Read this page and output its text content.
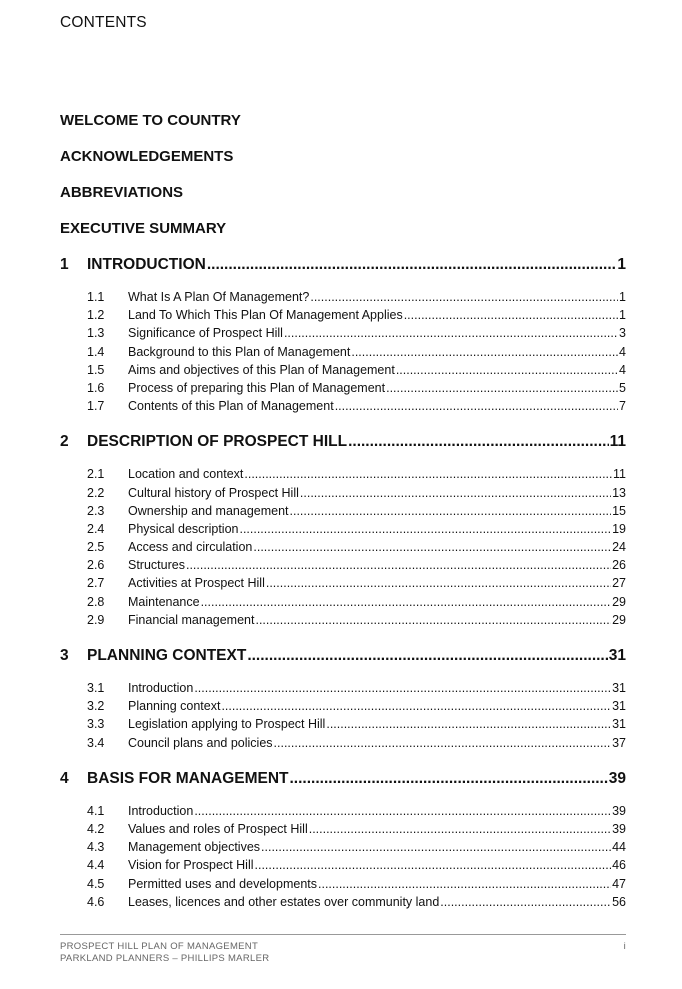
CONTENTS
WELCOME TO COUNTRY
ACKNOWLEDGEMENTS
ABBREVIATIONS
EXECUTIVE SUMMARY
1	INTRODUCTION .....	1
1.1	What Is A Plan Of Management? .....	1
1.2	Land To Which This Plan Of Management Applies .....	1
1.3	Significance of Prospect Hill .....	3
1.4	Background to this Plan of Management .....	4
1.5	Aims and objectives of this Plan of Management .....	4
1.6	Process of preparing this Plan of Management .....	5
1.7	Contents of this Plan of Management .....	7
2	DESCRIPTION OF PROSPECT HILL .....	11
2.1	Location and context .....	11
2.2	Cultural history of Prospect Hill .....	13
2.3	Ownership and management .....	15
2.4	Physical description .....	19
2.5	Access and circulation .....	24
2.6	Structures .....	26
2.7	Activities at Prospect Hill .....	27
2.8	Maintenance .....	29
2.9	Financial management .....	29
3	PLANNING CONTEXT .....	31
3.1	Introduction .....	31
3.2	Planning context .....	31
3.3	Legislation applying to Prospect Hill .....	31
3.4	Council plans and policies .....	37
4	BASIS FOR MANAGEMENT .....	39
4.1	Introduction .....	39
4.2	Values and roles of Prospect Hill .....	39
4.3	Management objectives .....	44
4.4	Vision for Prospect Hill .....	46
4.5	Permitted uses and developments .....	47
4.6	Leases, licences and other estates over community land .....	56
PROSPECT HILL PLAN OF MANAGEMENT
PARKLAND PLANNERS – PHILLIPS MARLER
i
